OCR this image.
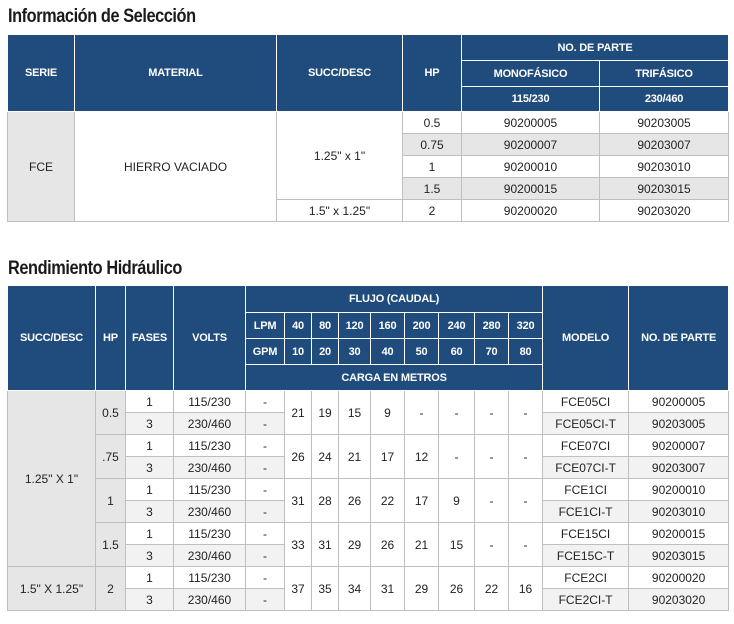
Información de Selección
SERIE	MATERIAL	SUCC/DESC	HP	NO. DE PARTE	
				MONOFÁSICO	TRIFÁSICO
				115/230	230/460
FCE	HIERRO VACIADO	1.25" x 1"	0.5	90200005	90203005
			0.75	90200007	90203007
			1	90200010	90203010
			1.5	90200015	90203015
		1.5" x 1.25"	2	90200020	90203020
Rendimiento Hidráulico
SUCC/DESC	HP	FASES	VOLTS	FLUJO (CAUDAL)									MODELO	NO. DE PARTE
				LPM	40	80	120	160	200	240	280	320		
				GPM	10	20	30	40	50	60	70	80		
				CARGA EN METROS										
1.25" X 1"	0.5	1	115/230	-	21	19	15	9	-	-	-	-	FCE05CI	90200005
		3	230/460	-									FCE05CI-T	90203005
	.75	1	115/230	-	26	24	21	17	12	-	-	-	FCE07CI	90200007
		3	230/460	-									FCE07CI-T	90203007
	1	1	115/230	-	31	28	26	22	17	9	-	-	FCE1CI	90200010
		3	230/460	-									FCE1CI-T	90203010
	1.5	1	115/230	-	33	31	29	26	21	15	-	-	FCE15CI	90200015
		3	230/460	-									FCE15C-T	90203015
1.5" X 1.25"	2	1	115/230	-	37	35	34	31	29	26	22	16	FCE2CI	90200020
		3	230/460	-									FCE2CI-T	90203020
